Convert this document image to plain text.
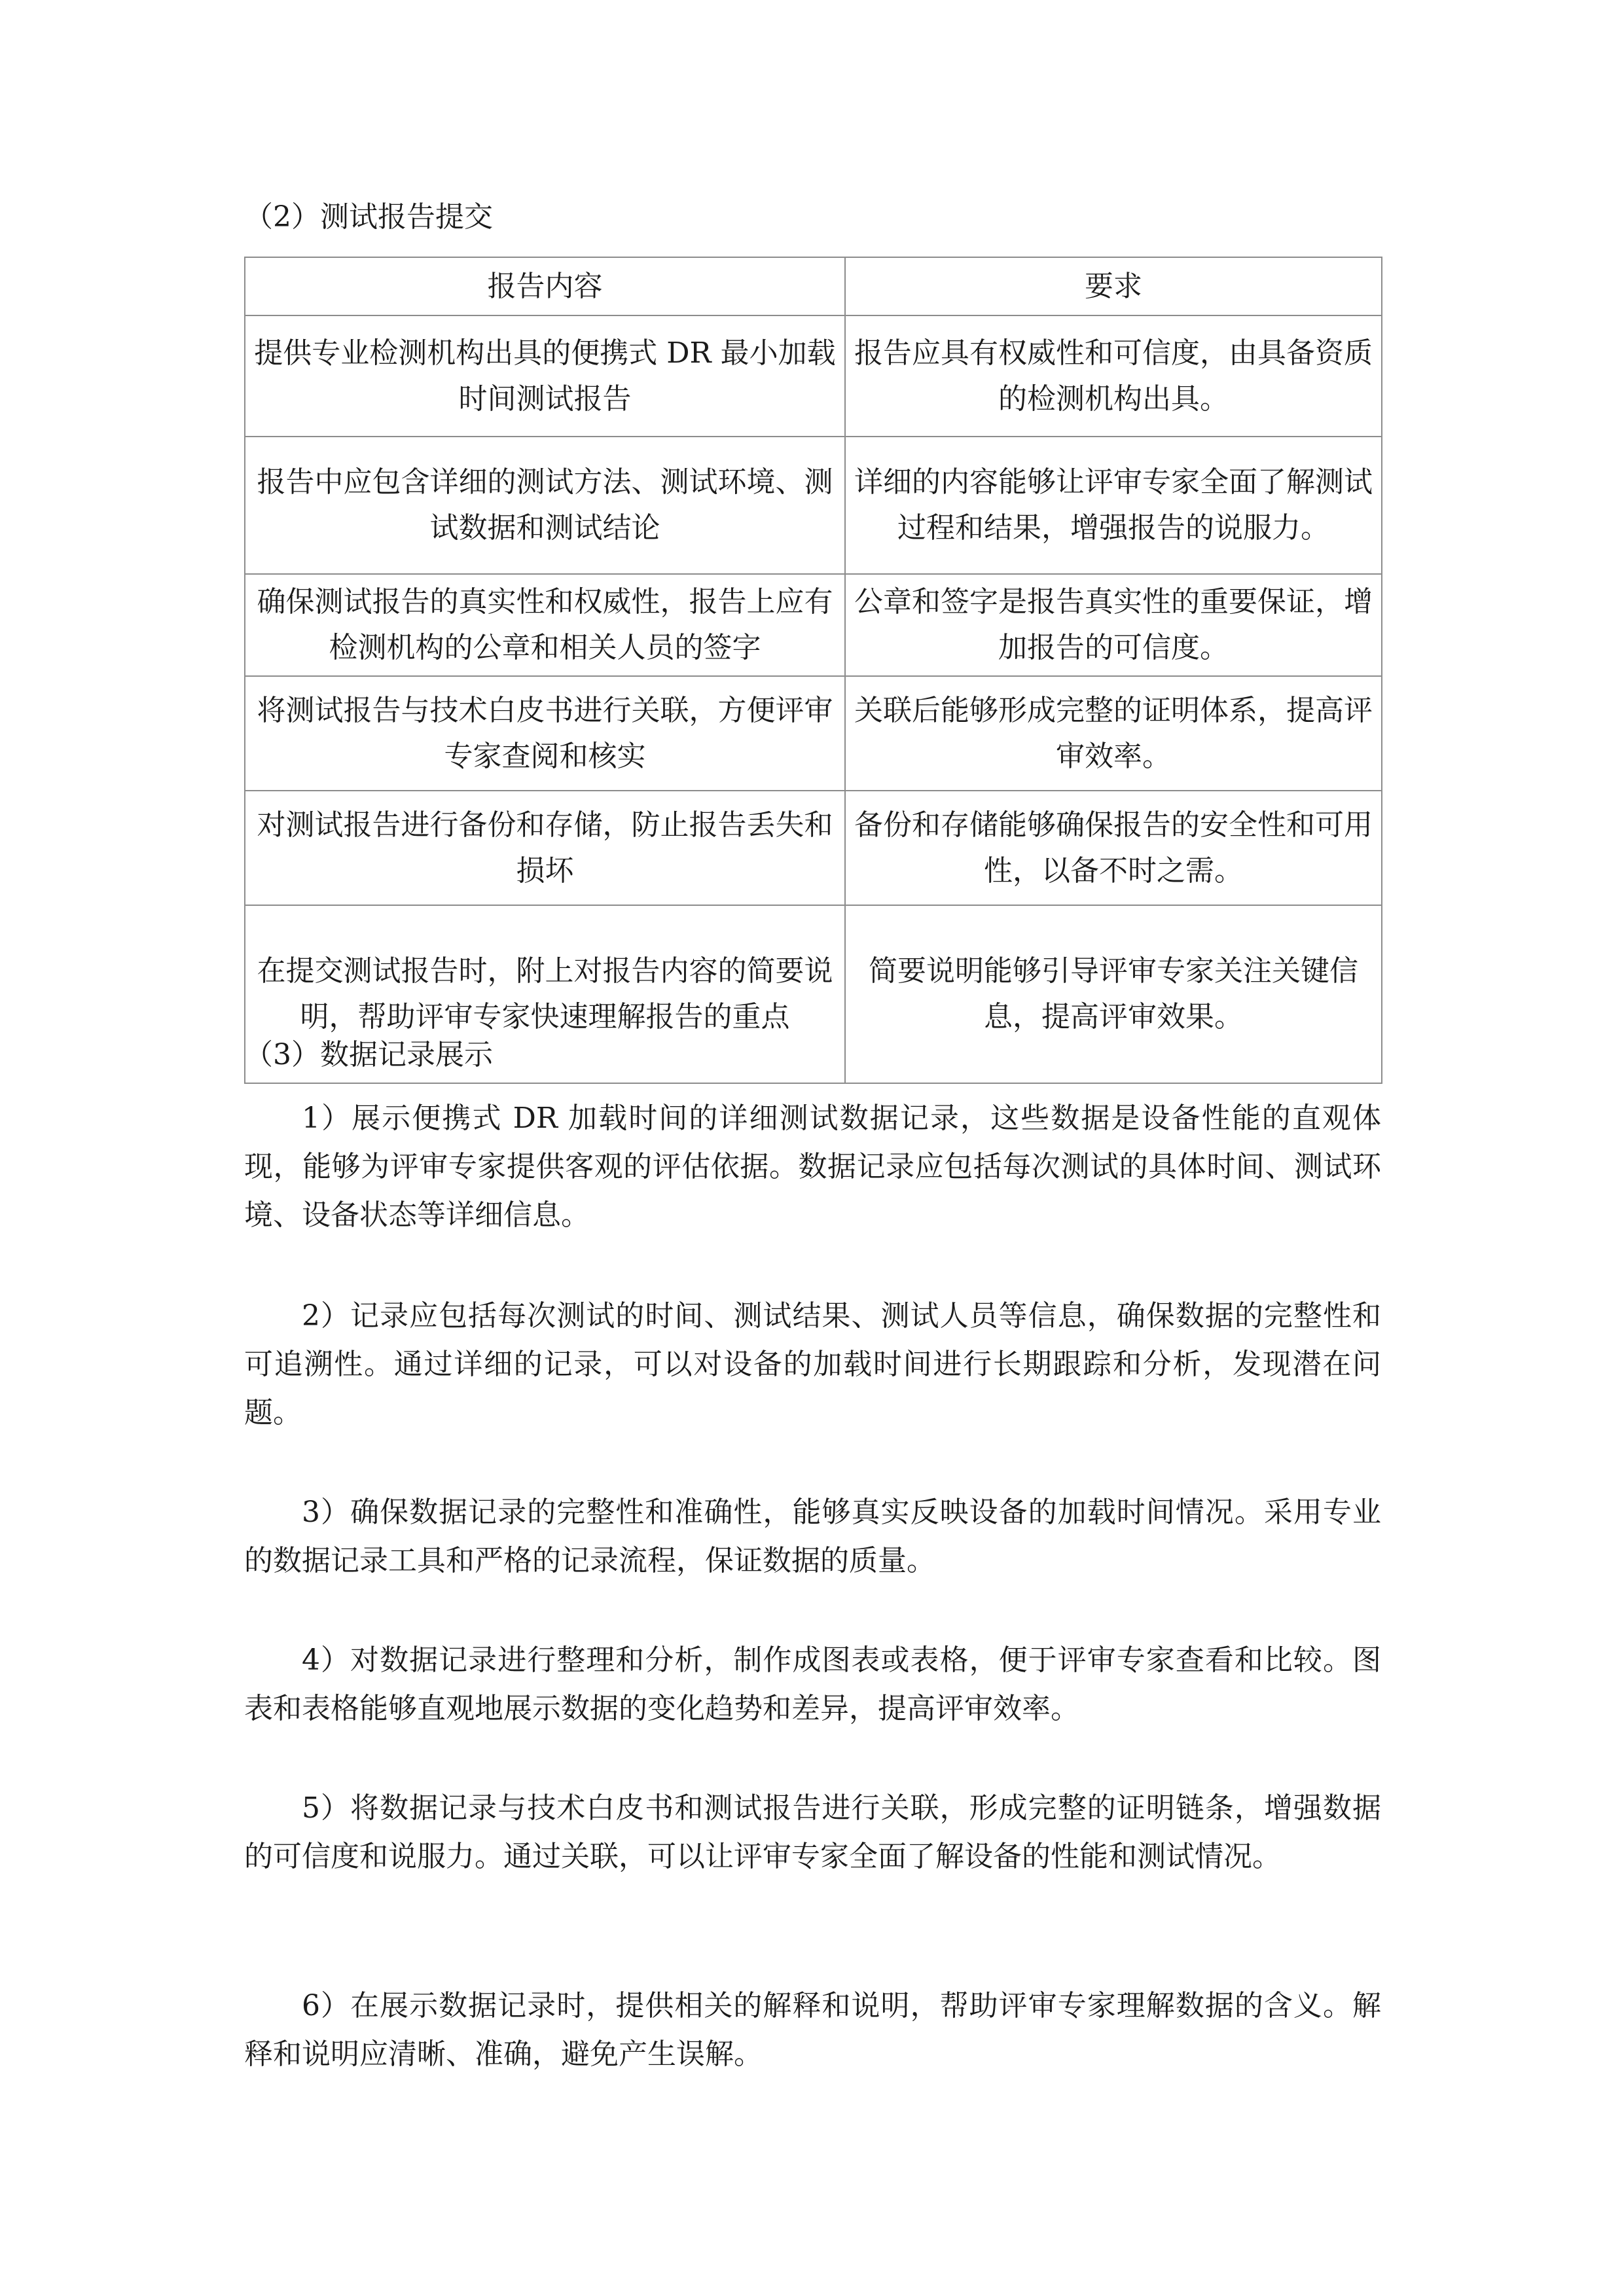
（2）测试报告提交
报告内容	要求
提供专业检测机构出具的便携式 DR 最小加载时间测试报告	报告应具有权威性和可信度，由具备资质的检测机构出具。
报告中应包含详细的测试方法、测试环境、测试数据和测试结论	详细的内容能够让评审专家全面了解测试过程和结果，增强报告的说服力。
确保测试报告的真实性和权威性，报告上应有检测机构的公章和相关人员的签字	公章和签字是报告真实性的重要保证，增加报告的可信度。
将测试报告与技术白皮书进行关联，方便评审专家查阅和核实	关联后能够形成完整的证明体系，提高评审效率。
对测试报告进行备份和存储，防止报告丢失和损坏	备份和存储能够确保报告的安全性和可用性，以备不时之需。
在提交测试报告时，附上对报告内容的简要说明，帮助评审专家快速理解报告的重点	简要说明能够引导评审专家关注关键信息，提高评审效果。
（3）数据记录展示

1）展示便携式 DR 加载时间的详细测试数据记录，这些数据是设备性能的直观体现，能够为评审专家提供客观的评估依据。数据记录应包括每次测试的具体时间、测试环境、设备状态等详细信息。

2）记录应包括每次测试的时间、测试结果、测试人员等信息，确保数据的完整性和可追溯性。通过详细的记录，可以对设备的加载时间进行长期跟踪和分析，发现潜在问题。

3）确保数据记录的完整性和准确性，能够真实反映设备的加载时间情况。采用专业的数据记录工具和严格的记录流程，保证数据的质量。

4）对数据记录进行整理和分析，制作成图表或表格，便于评审专家查看和比较。图表和表格能够直观地展示数据的变化趋势和差异，提高评审效率。

5）将数据记录与技术白皮书和测试报告进行关联，形成完整的证明链条，增强数据的可信度和说服力。通过关联，可以让评审专家全面了解设备的性能和测试情况。

6）在展示数据记录时，提供相关的解释和说明，帮助评审专家理解数据的含义。解释和说明应清晰、准确，避免产生误解。
